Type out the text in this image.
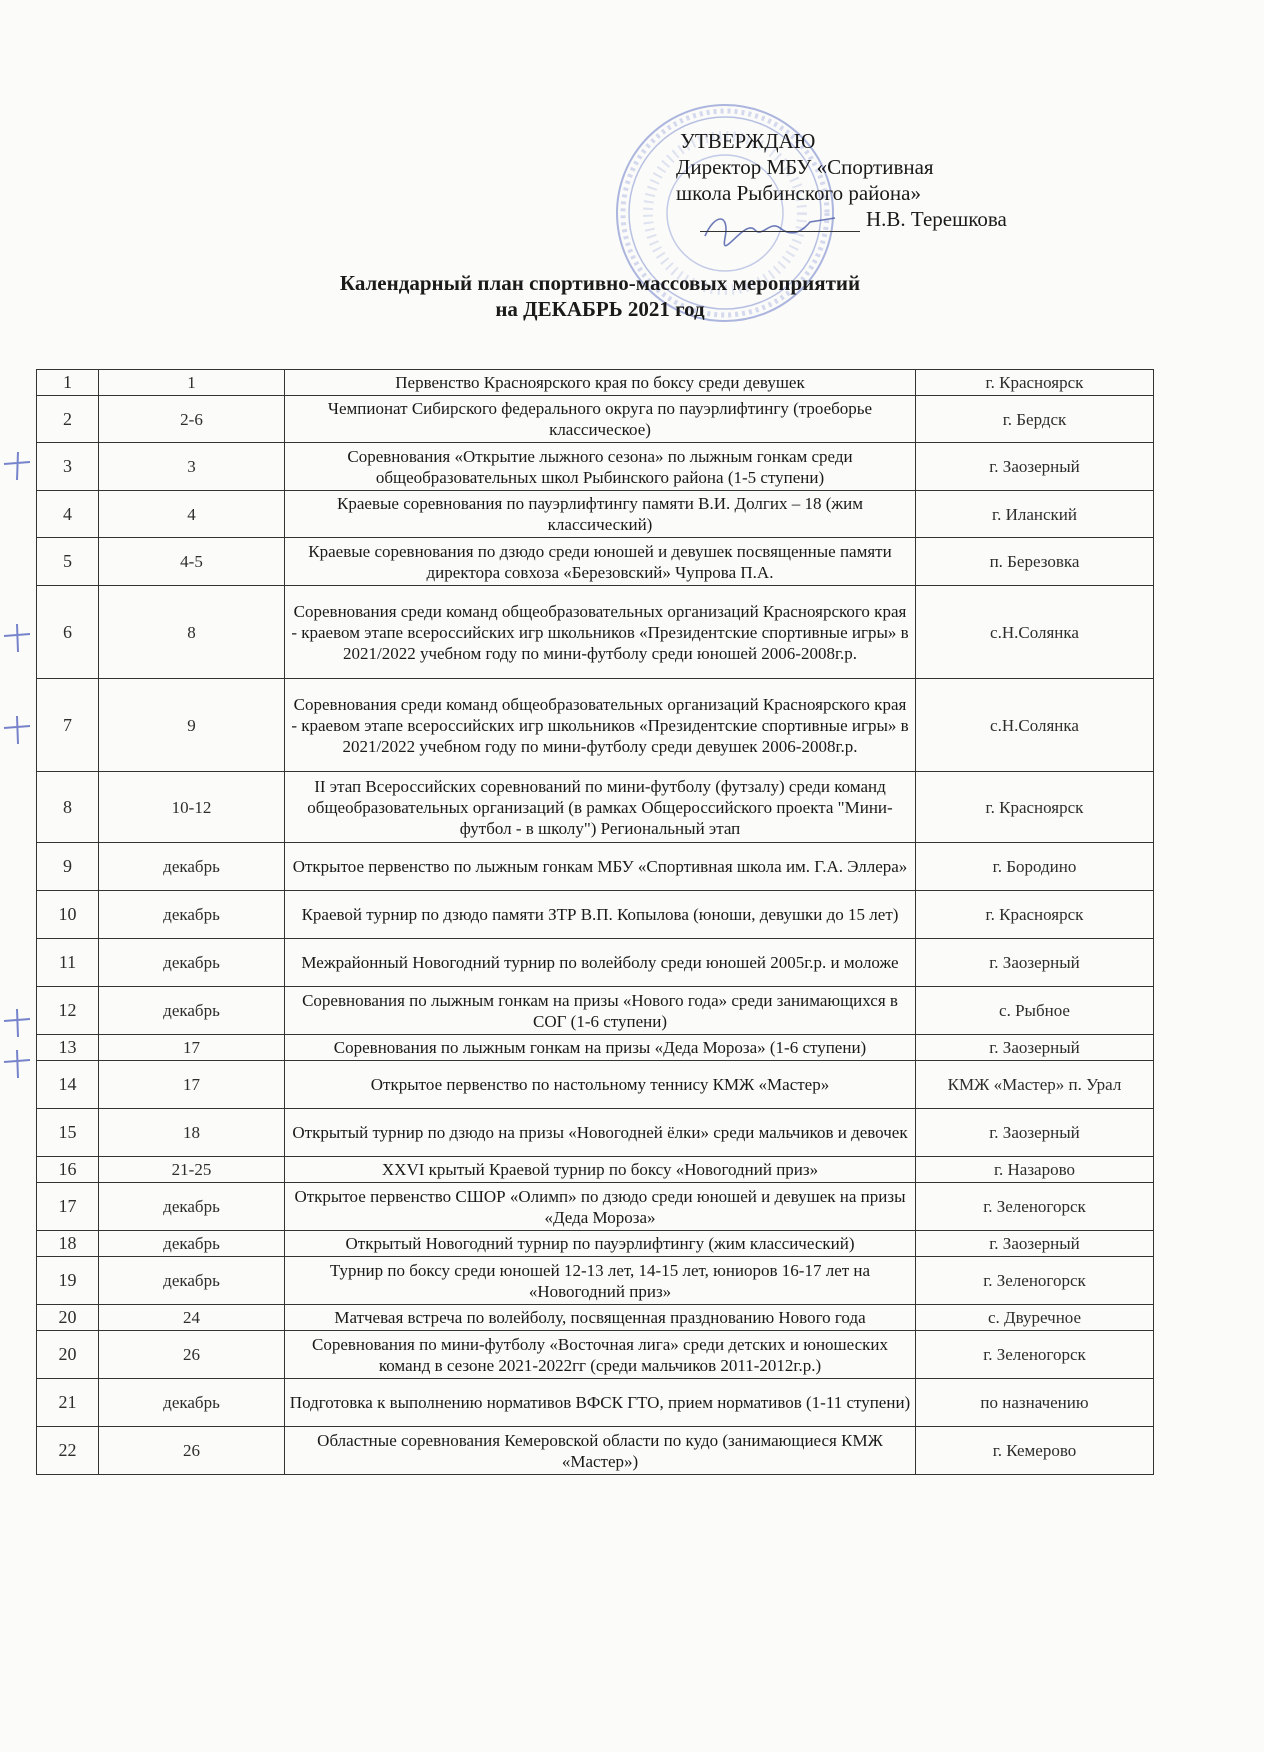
УТВЕРЖДАЮ
Директор МБУ «Спортивная
школа Рыбинского района»
Н.В. Терешкова
Календарный план спортивно-массовых мероприятий
на ДЕКАБРЬ 2021 год
1	1	Первенство Красноярского края по боксу среди девушек	г. Красноярск
2	2-6	Чемпионат Сибирского федерального округа по пауэрлифтингу (троеборье классическое)	г. Бердск
3	3	Соревнования «Открытие лыжного сезона» по лыжным гонкам среди общеобразовательных школ Рыбинского района (1-5 ступени)	г. Заозерный
4	4	Краевые соревнования по пауэрлифтингу памяти В.И. Долгих – 18 (жим классический)	г. Иланский
5	4-5	Краевые соревнования по дзюдо среди юношей и девушек посвященные памяти директора совхоза «Березовский» Чупрова П.А.	п. Березовка
6	8	Соревнования среди команд общеобразовательных организаций Красноярского края - краевом этапе всероссийских игр школьников «Президентские спортивные игры» в 2021/2022 учебном году по мини-футболу среди юношей 2006-2008г.р.	с.Н.Солянка
7	9	Соревнования среди команд общеобразовательных организаций Красноярского края - краевом этапе всероссийских игр школьников «Президентские спортивные игры» в 2021/2022 учебном году по мини-футболу среди девушек 2006-2008г.р.	с.Н.Солянка
8	10-12	II этап Всероссийских соревнований по мини-футболу (футзалу) среди команд общеобразовательных организаций (в рамках Общероссийского проекта "Мини-футбол - в школу") Региональный этап	г. Красноярск
9	декабрь	Открытое первенство по лыжным гонкам МБУ «Спортивная школа им. Г.А. Эллера»	г. Бородино
10	декабрь	Краевой турнир по дзюдо памяти ЗТР В.П. Копылова (юноши, девушки до 15 лет)	г. Красноярск
11	декабрь	Межрайонный Новогодний турнир по волейболу среди юношей 2005г.р. и моложе	г. Заозерный
12	декабрь	Соревнования по лыжным гонкам на призы «Нового года» среди занимающихся в СОГ (1-6 ступени)	с. Рыбное
13	17	Соревнования по лыжным гонкам на призы «Деда Мороза» (1-6 ступени)	г. Заозерный
14	17	Открытое первенство по настольному теннису КМЖ «Мастер»	КМЖ «Мастер» п. Урал
15	18	Открытый турнир по дзюдо на призы «Новогодней ёлки» среди мальчиков и девочек	г. Заозерный
16	21-25	XXVI крытый Краевой турнир по боксу «Новогодний приз»	г. Назарово
17	декабрь	Открытое первенство СШОР «Олимп» по дзюдо среди юношей и девушек на призы «Деда Мороза»	г. Зеленогорск
18	декабрь	Открытый Новогодний турнир по пауэрлифтингу (жим классический)	г. Заозерный
19	декабрь	Турнир по боксу среди юношей 12-13 лет, 14-15 лет, юниоров 16-17 лет на «Новогодний приз»	г. Зеленогорск
20	24	Матчевая встреча по волейболу, посвященная празднованию Нового года	с. Двуречное
20	26	Соревнования по мини-футболу «Восточная лига» среди детских и юношеских команд в сезоне 2021-2022гг (среди мальчиков 2011-2012г.р.)	г. Зеленогорск
21	декабрь	Подготовка к выполнению нормативов ВФСК ГТО, прием нормативов (1-11 ступени)	по назначению
22	26	Областные соревнования Кемеровской области по кудо (занимающиеся КМЖ «Мастер»)	г. Кемерово
